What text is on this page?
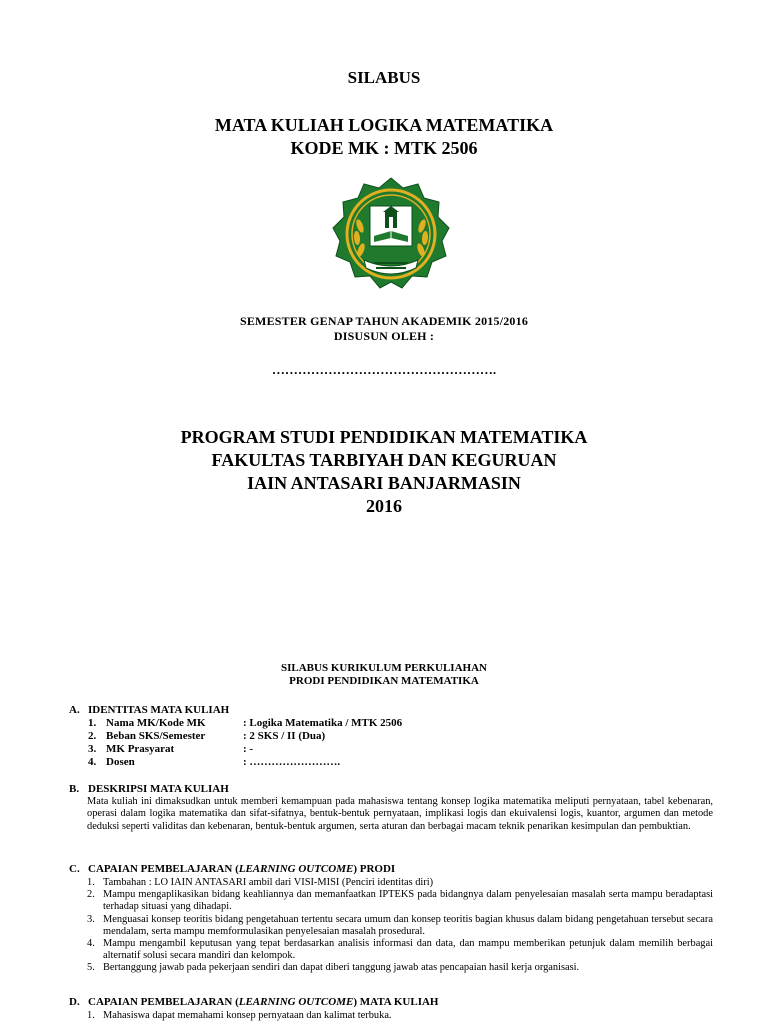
SILABUS
MATA KULIAH LOGIKA MATEMATIKA
KODE MK : MTK 2506
SEMESTER GENAP TAHUN AKADEMIK 2015/2016
DISUSUN OLEH :
…………………………………………….
PROGRAM STUDI PENDIDIKAN MATEMATIKA
FAKULTAS TARBIYAH DAN KEGURUAN
IAIN ANTASARI BANJARMASIN
2016
SILABUS KURIKULUM PERKULIAHAN
PRODI PENDIDIKAN MATEMATIKA
A. IDENTITAS MATA KULIAH
1. Nama MK/Kode MK	: Logika Matematika / MTK 2506
2. Beban SKS/Semester	: 2 SKS / II (Dua)
3. MK Prasyarat	: -
4. Dosen	: …………………….
B. DESKRIPSI MATA KULIAH
Mata kuliah ini dimaksudkan untuk memberi kemampuan pada mahasiswa tentang konsep logika matematika meliputi pernyataan, tabel kebenaran, operasi dalam logika matematika dan sifat-sifatnya, bentuk-bentuk pernyataan, implikasi logis dan ekuivalensi logis, kuantor, argumen dan metode deduksi seperti validitas dan kebenaran, bentuk-bentuk argumen, serta aturan dan berbagai macam teknik penarikan kesimpulan dan pembuktian.
C. CAPAIAN PEMBELAJARAN (LEARNING OUTCOME) PRODI
1. Tambahan : LO IAIN ANTASARI ambil dari VISI-MISI (Penciri identitas diri)
2. Mampu mengaplikasikan bidang keahliannya dan memanfaatkan IPTEKS pada bidangnya dalam penyelesaian masalah serta mampu beradaptasi terhadap situasi yang dihadapi.
3. Menguasai konsep teoritis bidang pengetahuan tertentu secara umum dan konsep teoritis bagian khusus dalam bidang pengetahuan tersebut secara mendalam, serta mampu memformulasikan penyelesaian masalah prosedural.
4. Mampu mengambil keputusan yang tepat berdasarkan analisis informasi dan data, dan mampu memberikan petunjuk dalam memilih berbagai alternatif solusi secara mandiri dan kelompok.
5. Bertanggung jawab pada pekerjaan sendiri dan dapat diberi tanggung jawab atas pencapaian hasil kerja organisasi.
D. CAPAIAN PEMBELAJARAN (LEARNING OUTCOME) MATA KULIAH
1. Mahasiswa dapat memahami konsep pernyataan dan kalimat terbuka.
